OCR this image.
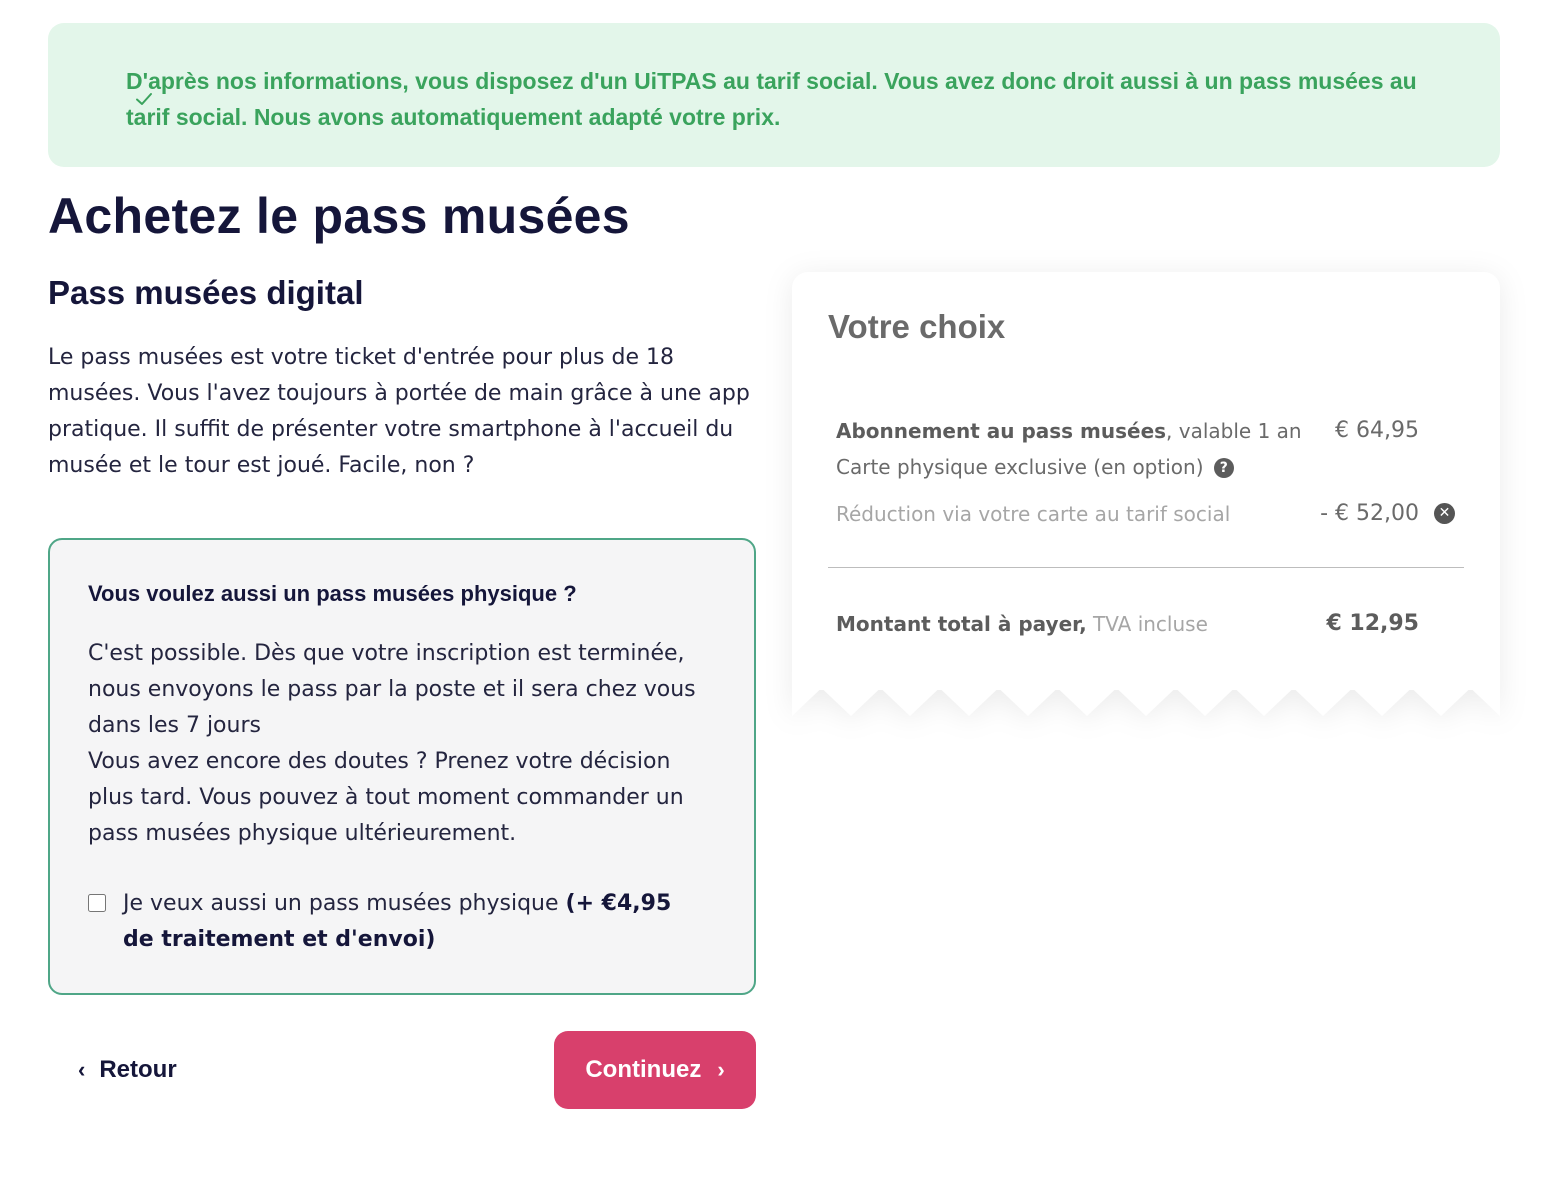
D'après nos informations, vous disposez d'un UiTPAS au tarif social. Vous avez donc droit aussi à un pass musées au tarif social. Nous avons automatiquement adapté votre prix.

Achetez le pass musées
Pass musées digital

Le pass musées est votre ticket d'entrée pour plus de 18 musées. Vous l'avez toujours à portée de main grâce à une app pratique. Il suffit de présenter votre smartphone à l'accueil du musée et le tour est joué. Facile, non ?

Vous voulez aussi un pass musées physique ?
C'est possible. Dès que votre inscription est terminée, nous envoyons le pass par la poste et il sera chez vous dans les 7 jours
Vous avez encore des doutes ? Prenez votre décision plus tard. Vous pouvez à tout moment commander un pass musées physique ultérieurement.
Je veux aussi un pass musées physique (+ €4,95 de traitement et d'envoi)
‹ Retour	Continuez ›
Votre choix
Abonnement au pass musées, valable 1 an € 64,95
Carte physique exclusive (en option) ?
Réduction via votre carte au tarif social	- € 52,00	✕
Montant total à payer, TVA incluse	€ 12,95
